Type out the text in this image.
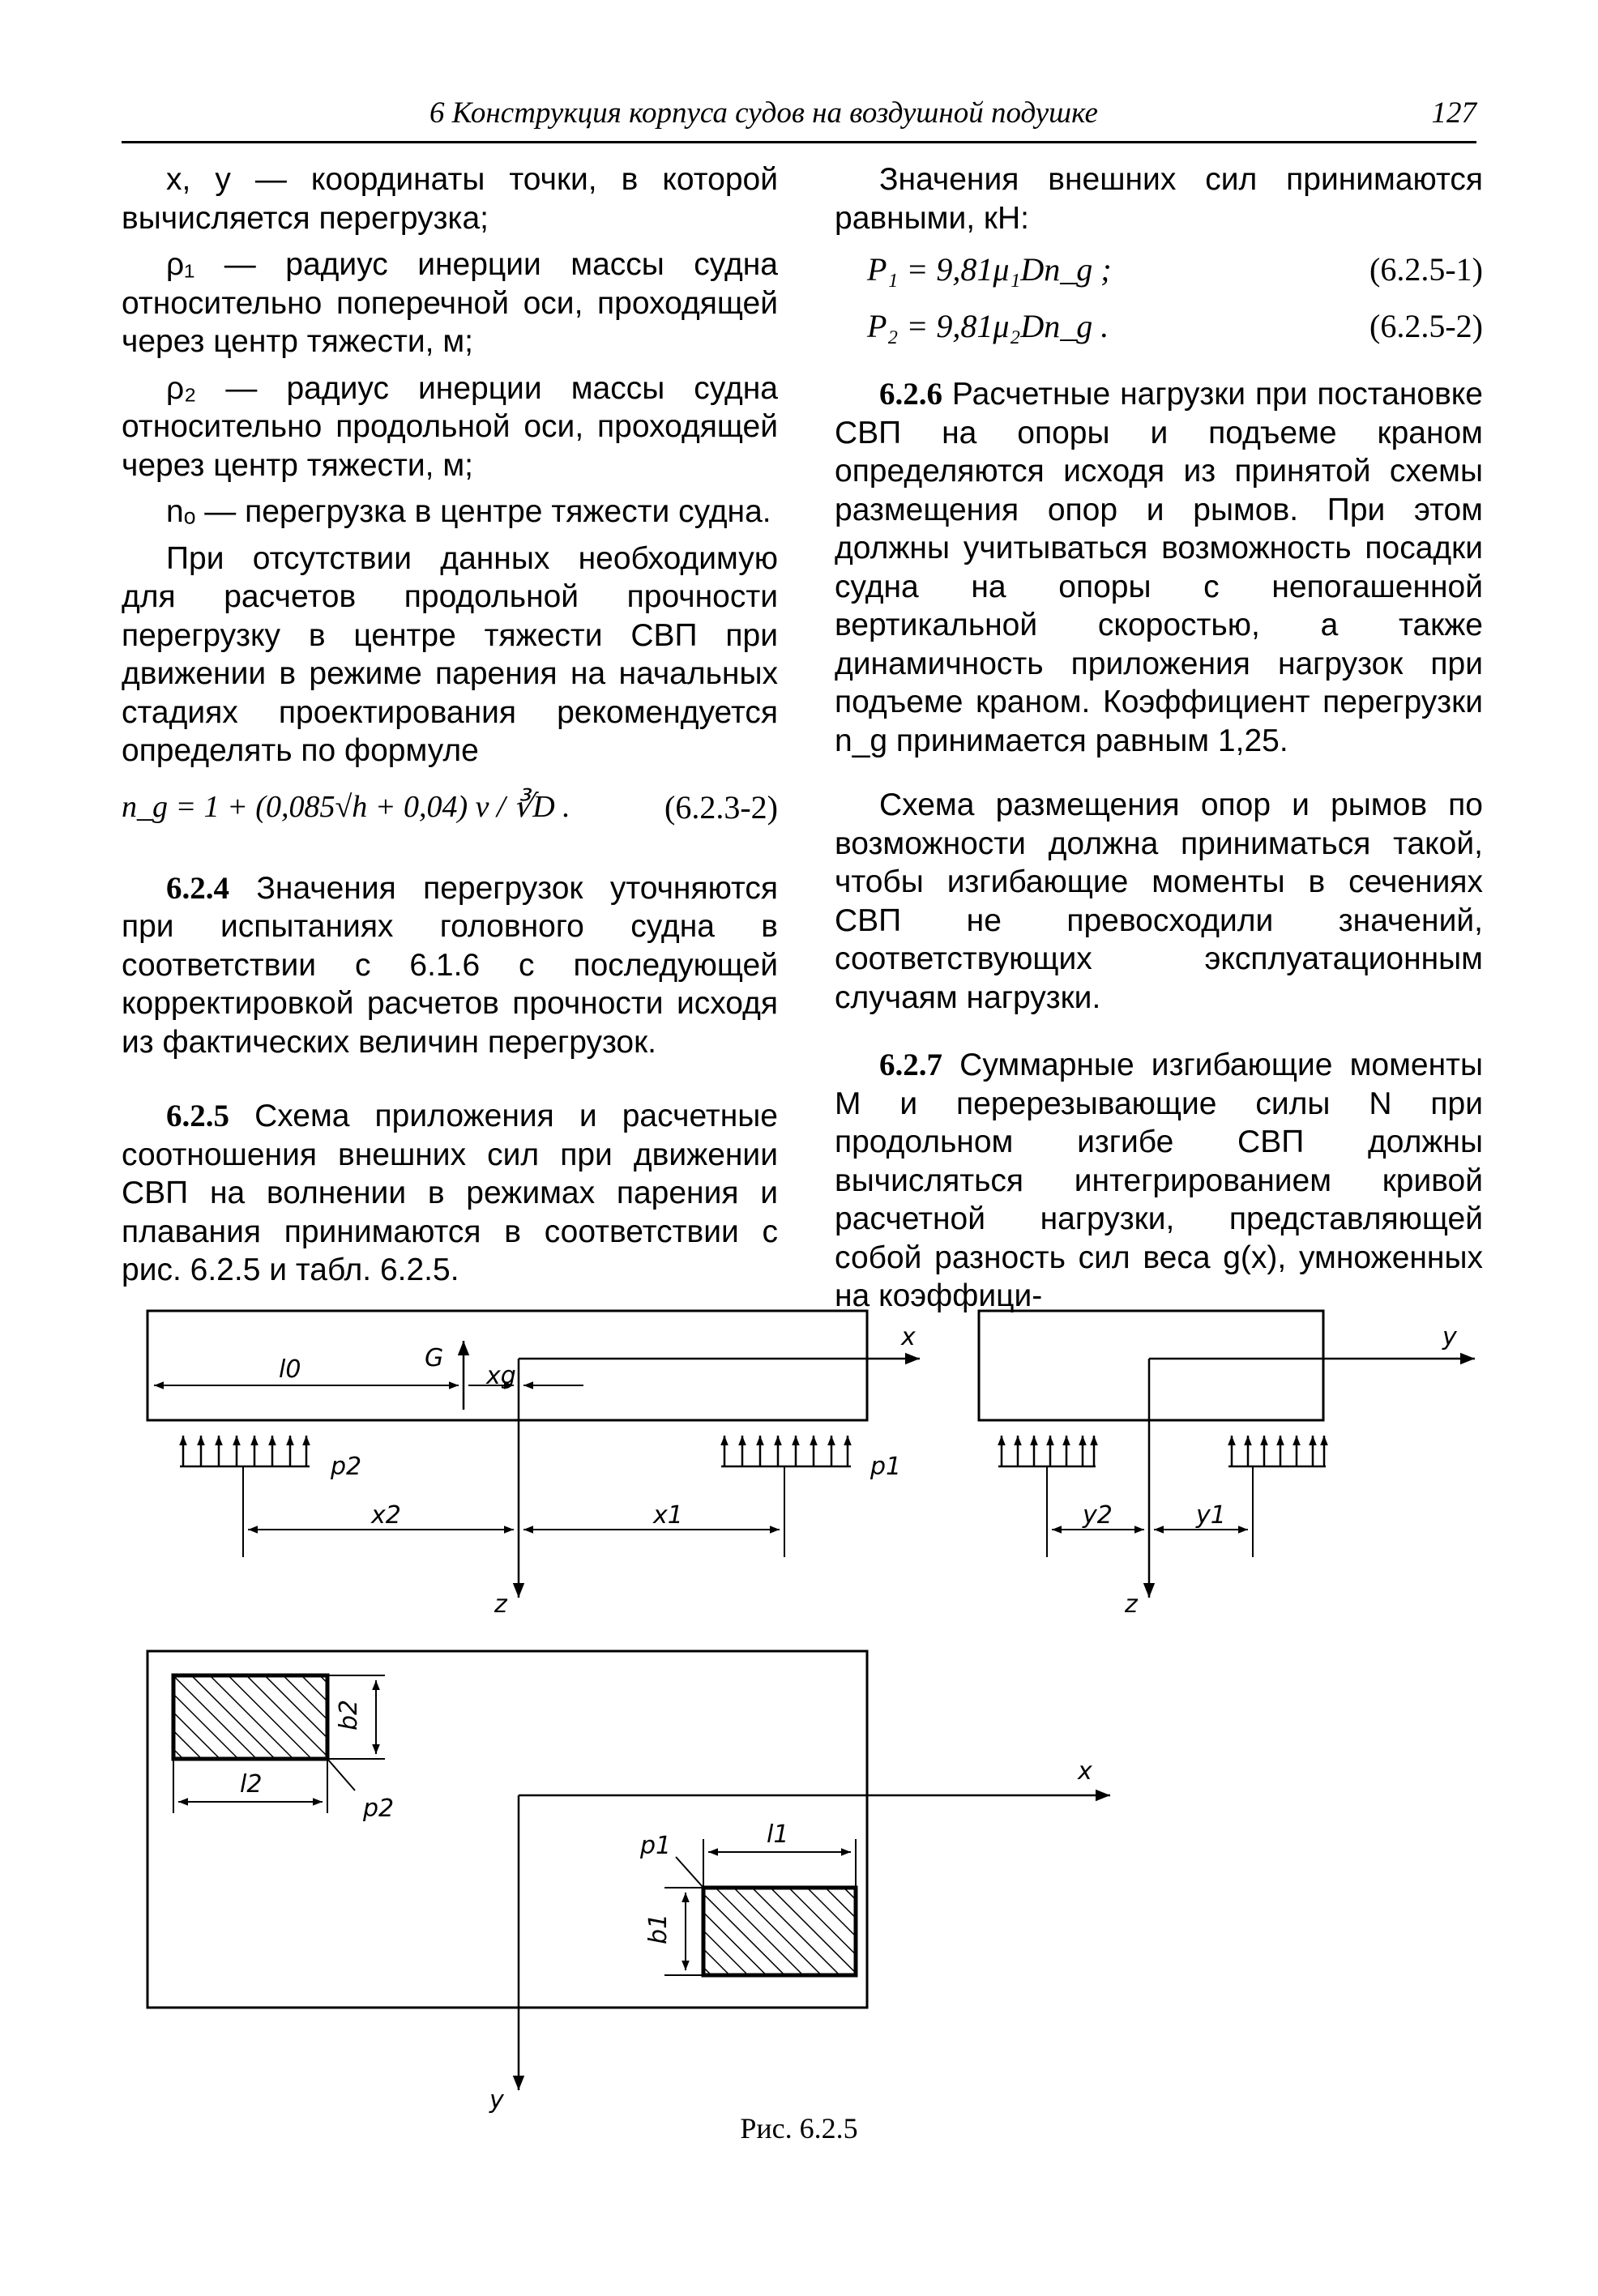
6 Конструкция корпуса судов на воздушной подушке	127

x, y — координаты точки, в которой вычисляется перегрузка;

ρ₁ — радиус инерции массы судна относительно поперечной оси, проходящей через центр тяжести, м;

ρ₂ — радиус инерции массы судна относительно продольной оси, проходящей через центр тяжести, м;

nₒ — перегрузка в центре тяжести судна.

При отсутствии данных необходимую для расчетов продольной прочности перегрузку в центре тяжести СВП при движении в режиме парения на начальных стадиях проектирования рекомендуется определять по формуле

n_g = 1 + (0,085√h + 0,04) v / ∛D .	(6.2.3-2)

6.2.4 Значения перегрузок уточняются при испытаниях головного судна в соответствии с 6.1.6 с последующей корректировкой расчетов прочности исходя из фактических величин перегрузок.

6.2.5 Схема приложения и расчетные соотношения внешних сил при движении СВП на волнении в режимах парения и плавания принимаются в соответствии с рис. 6.2.5 и табл. 6.2.5.

Значения внешних сил принимаются равными, кН:

P₁ = 9,81μ₁Dn_g ;	(6.2.5-1)
P₂ = 9,81μ₂Dn_g .	(6.2.5-2)

6.2.6 Расчетные нагрузки при постановке СВП на опоры и подъеме краном определяются исходя из принятой схемы размещения опор и рымов. При этом должны учитываться возможность посадки судна на опоры с непогашенной вертикальной скоростью, а также динамичность приложения нагрузок при подъеме краном. Коэффициент перегрузки n_g принимается равным 1,25.

Схема размещения опор и рымов по возможности должна приниматься такой, чтобы изгибающие моменты в сечениях СВП не превосходили значений, соответствующих эксплуатационным случаям нагрузки.

6.2.7 Суммарные изгибающие моменты M и перерезывающие силы N при продольном изгибе СВП должны вычисляться интегрированием кривой расчетной нагрузки, представляющей собой разность сил веса g(x), умноженных на коэффици-

G
l0	xg
x
z
p2	p1
x2	x1
y
z
y2	y1
x
y
l2
p2
l1
p1
b2
b1
Рис. 6.2.5
